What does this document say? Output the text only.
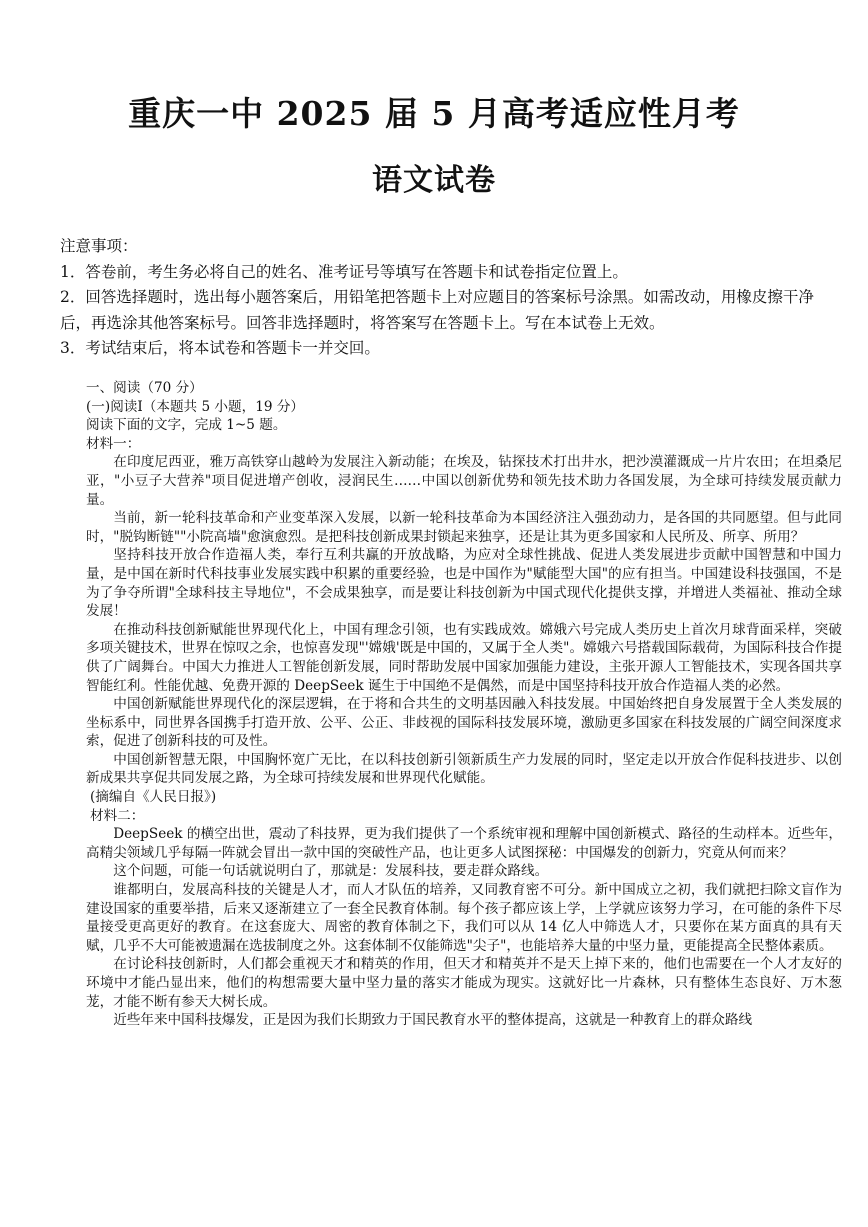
重庆一中 2025 届 5 月高考适应性月考
语文试卷

注意事项：

1．答卷前，考生务必将自己的姓名、准考证号等填写在答题卡和试卷指定位置上。

2．回答选择题时，选出每小题答案后，用铅笔把答题卡上对应题目的答案标号涂黑。如需改动，用橡皮擦干净后，再选涂其他答案标号。回答非选择题时，将答案写在答题卡上。写在本试卷上无效。

3．考试结束后，将本试卷和答题卡一并交回。

一、阅读（70 分）

(一)阅读Ⅰ（本题共 5 小题，19 分）

阅读下面的文字，完成 1~5 题。

材料一：

在印度尼西亚，雅万高铁穿山越岭为发展注入新动能；在埃及，钻探技术打出井水，把沙漠灌溉成一片片农田；在坦桑尼亚，"小豆子大营养"项目促进增产创收，浸润民生……中国以创新优势和领先技术助力各国发展，为全球可持续发展贡献力量。

当前，新一轮科技革命和产业变革深入发展，以新一轮科技革命为本国经济注入强劲动力，是各国的共同愿望。但与此同时，"脱钩断链""小院高墙"愈演愈烈。是把科技创新成果封锁起来独享，还是让其为更多国家和人民所及、所享、所用？

坚持科技开放合作造福人类，奉行互利共赢的开放战略，为应对全球性挑战、促进人类发展进步贡献中国智慧和中国力量，是中国在新时代科技事业发展实践中积累的重要经验，也是中国作为"赋能型大国"的应有担当。中国建设科技强国，不是为了争夺所谓"全球科技主导地位"，不会成果独享，而是要让科技创新为中国式现代化提供支撑，并增进人类福祉、推动全球发展！

在推动科技创新赋能世界现代化上，中国有理念引领，也有实践成效。嫦娥六号完成人类历史上首次月球背面采样，突破多项关键技术，世界在惊叹之余，也惊喜发现"'嫦娥'既是中国的，又属于全人类"。嫦娥六号搭载国际载荷，为国际科技合作提供了广阔舞台。中国大力推进人工智能创新发展，同时帮助发展中国家加强能力建设，主张开源人工智能技术，实现各国共享智能红利。性能优越、免费开源的 DeepSeek 诞生于中国绝不是偶然，而是中国坚持科技开放合作造福人类的必然。

中国创新赋能世界现代化的深层逻辑，在于将和合共生的文明基因融入科技发展。中国始终把自身发展置于全人类发展的坐标系中，同世界各国携手打造开放、公平、公正、非歧视的国际科技发展环境，激励更多国家在科技发展的广阔空间深度求索，促进了创新科技的可及性。

中国创新智慧无限，中国胸怀宽广无比，在以科技创新引领新质生产力发展的同时，坚定走以开放合作促科技进步、以创新成果共享促共同发展之路，为全球可持续发展和世界现代化赋能。

(摘编自《人民日报》)

材料二：

DeepSeek 的横空出世，震动了科技界，更为我们提供了一个系统审视和理解中国创新模式、路径的生动样本。近些年，高精尖领域几乎每隔一阵就会冒出一款中国的突破性产品，也让更多人试图探秘：中国爆发的创新力，究竟从何而来？

这个问题，可能一句话就说明白了，那就是：发展科技，要走群众路线。

谁都明白，发展高科技的关键是人才，而人才队伍的培养，又同教育密不可分。新中国成立之初，我们就把扫除文盲作为建设国家的重要举措，后来又逐渐建立了一套全民教育体制。每个孩子都应该上学，上学就应该努力学习，在可能的条件下尽量接受更高更好的教育。在这套庞大、周密的教育体制之下，我们可以从 14 亿人中筛选人才，只要你在某方面真的具有天赋，几乎不大可能被遗漏在选拔制度之外。这套体制不仅能筛选"尖子"，也能培养大量的中坚力量，更能提高全民整体素质。

在讨论科技创新时，人们都会重视天才和精英的作用，但天才和精英并不是天上掉下来的，他们也需要在一个人才友好的环境中才能凸显出来，他们的构想需要大量中坚力量的落实才能成为现实。这就好比一片森林，只有整体生态良好、万木葱茏，才能不断有参天大树长成。

近些年来中国科技爆发，正是因为我们长期致力于国民教育水平的整体提高，这就是一种教育上的群众路线
